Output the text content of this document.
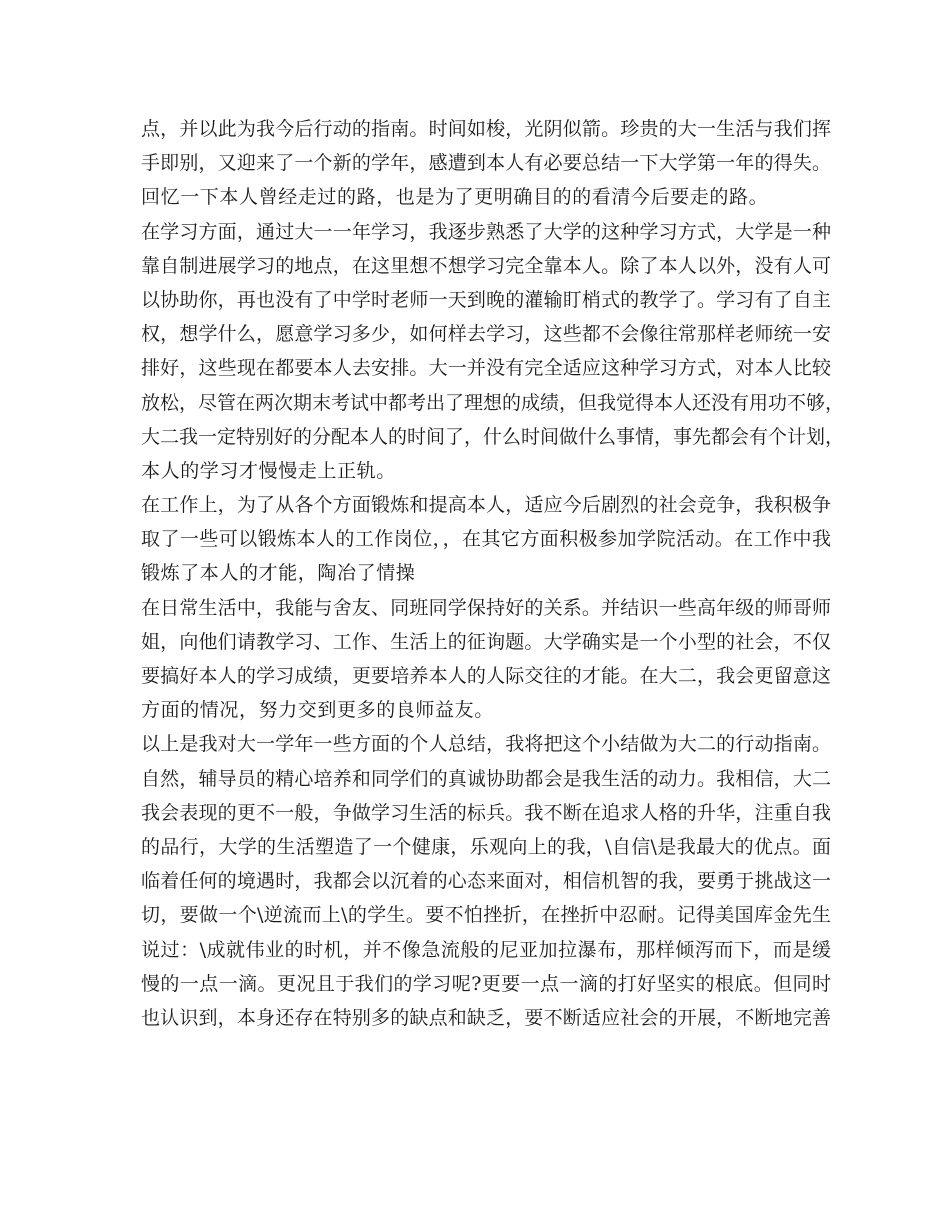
点，并以此为我今后行动的指南。时间如梭，光阴似箭。珍贵的大一生活与我们挥
手即别，又迎来了一个新的学年，感遭到本人有必要总结一下大学第一年的得失。
回忆一下本人曾经走过的路，也是为了更明确目的的看清今后要走的路。
在学习方面，通过大一一年学习，我逐步熟悉了大学的这种学习方式，大学是一种
靠自制进展学习的地点，在这里想不想学习完全靠本人。除了本人以外，没有人可
以协助你，再也没有了中学时老师一天到晚的灌输盯梢式的教学了。学习有了自主
权，想学什么，愿意学习多少，如何样去学习，这些都不会像往常那样老师统一安
排好，这些现在都要本人去安排。大一并没有完全适应这种学习方式，对本人比较
放松，尽管在两次期末考试中都考出了理想的成绩，但我觉得本人还没有用功不够，
大二我一定特别好的分配本人的时间了，什么时间做什么事情，事先都会有个计划，
本人的学习才慢慢走上正轨。
在工作上，为了从各个方面锻炼和提高本人，适应今后剧烈的社会竞争，我积极争
取了一些可以锻炼本人的工作岗位，，在其它方面积极参加学院活动。在工作中我
锻炼了本人的才能，陶冶了情操
在日常生活中，我能与舍友、同班同学保持好的关系。并结识一些高年级的师哥师
姐，向他们请教学习、工作、生活上的征询题。大学确实是一个小型的社会，不仅
要搞好本人的学习成绩，更要培养本人的人际交往的才能。在大二，我会更留意这
方面的情况，努力交到更多的良师益友。
以上是我对大一学年一些方面的个人总结，我将把这个小结做为大二的行动指南。
自然，辅导员的精心培养和同学们的真诚协助都会是我生活的动力。我相信，大二
我会表现的更不一般，争做学习生活的标兵。我不断在追求人格的升华，注重自我
的品行，大学的生活塑造了一个健康，乐观向上的我，\自信\是我最大的优点。面
临着任何的境遇时，我都会以沉着的心态来面对，相信机智的我，要勇于挑战这一
切，要做一个\逆流而上\的学生。要不怕挫折，在挫折中忍耐。记得美国库金先生
说过：\成就伟业的时机，并不像急流般的尼亚加拉瀑布，那样倾泻而下，而是缓
慢的一点一滴。更况且于我们的学习呢?更要一点一滴的打好坚实的根底。但同时
也认识到，本身还存在特别多的缺点和缺乏，要不断适应社会的开展，不断地完善
